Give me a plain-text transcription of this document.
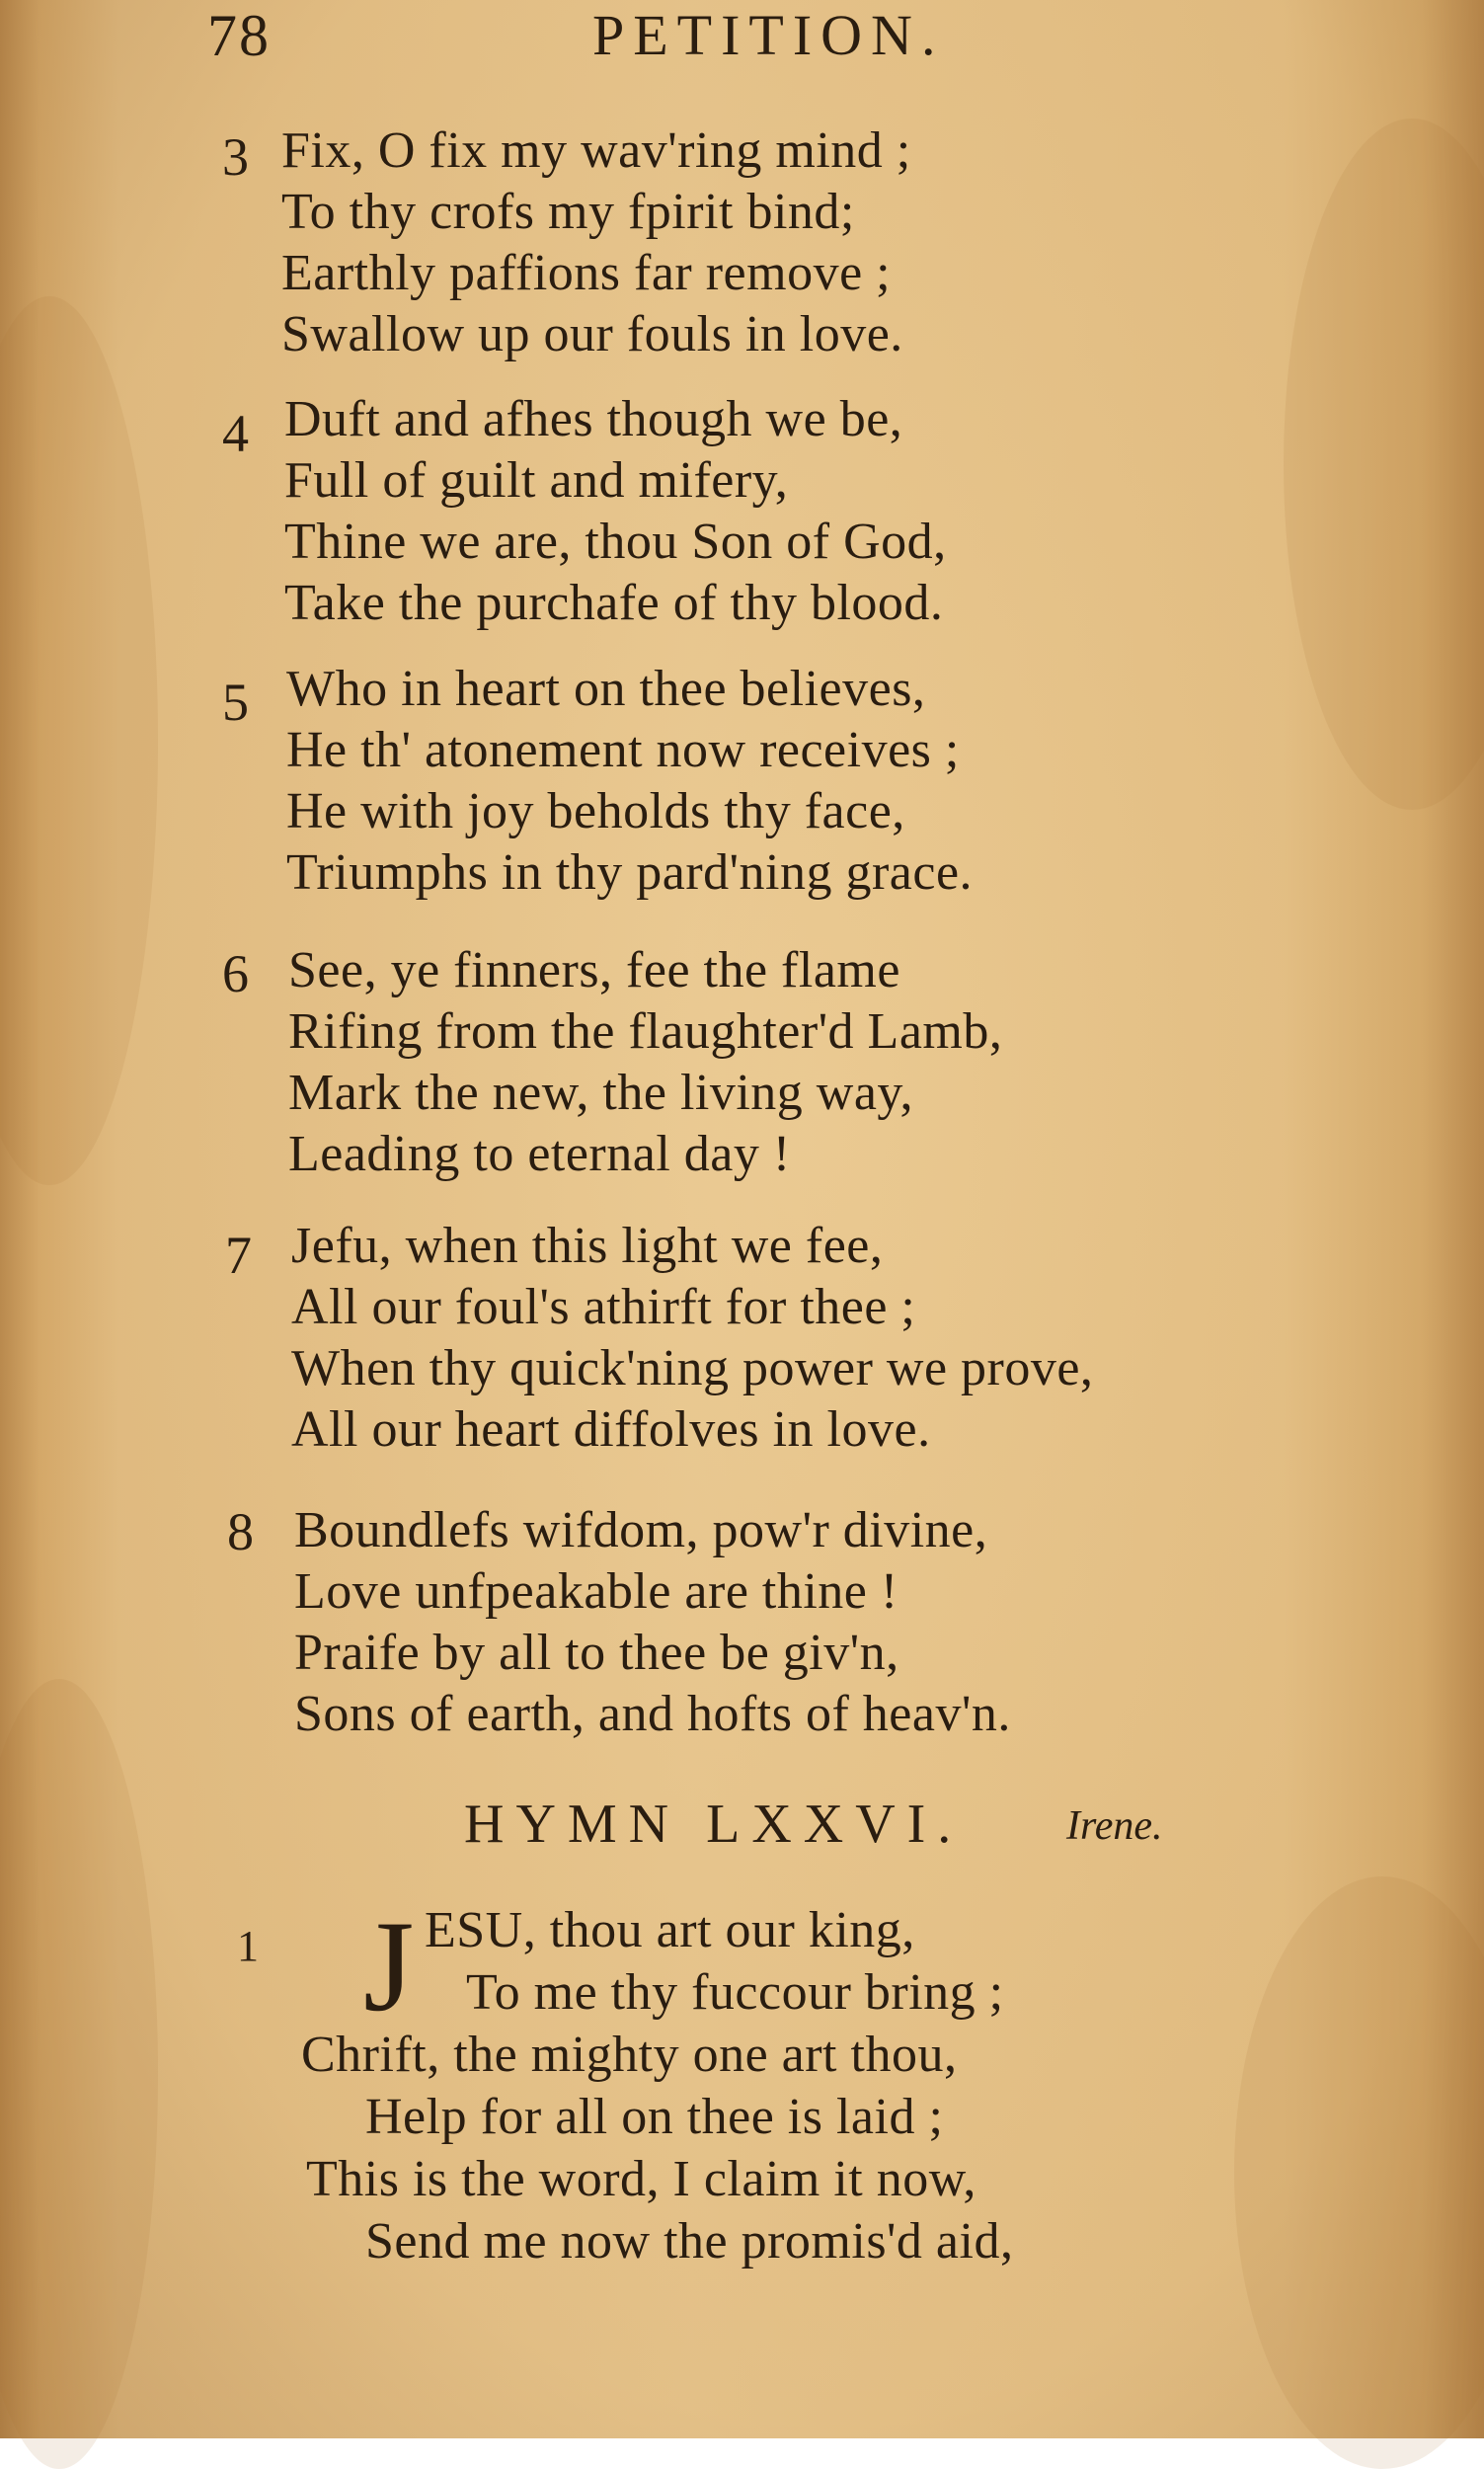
78	PETITION.
3 Fix, O fix my wav'ring mind ;
To thy crofs my fpirit bind;
Earthly paffions far remove ;
Swallow up our fouls in love.
4 Duft and afhes though we be,
Full of guilt and mifery,
Thine we are, thou Son of God,
Take the purchafe of thy blood.
5 Who in heart on thee believes,
He th' atonement now receives ;
He with joy beholds thy face,
Triumphs in thy pard'ning grace.
6 See, ye finners, fee the flame
Rifing from the flaughter'd Lamb,
Mark the new, the living way,
Leading to eternal day !
7 Jefu, when this light we fee,
All our foul's athirft for thee ;
When thy quick'ning power we prove,
All our heart diffolves in love.
8 Boundlefs wifdom, pow'r divine,
Love unfpeakable are thine !
Praife by all to thee be giv'n,
Sons of earth, and hofts of heav'n.
HYMN LXXVI. Irene.
1 J ESU, thou art our king,
To me thy fuccour bring ;
Chrift, the mighty one art thou,
Help for all on thee is laid ;
This is the word, I claim it now,
Send me now the promis'd aid,
